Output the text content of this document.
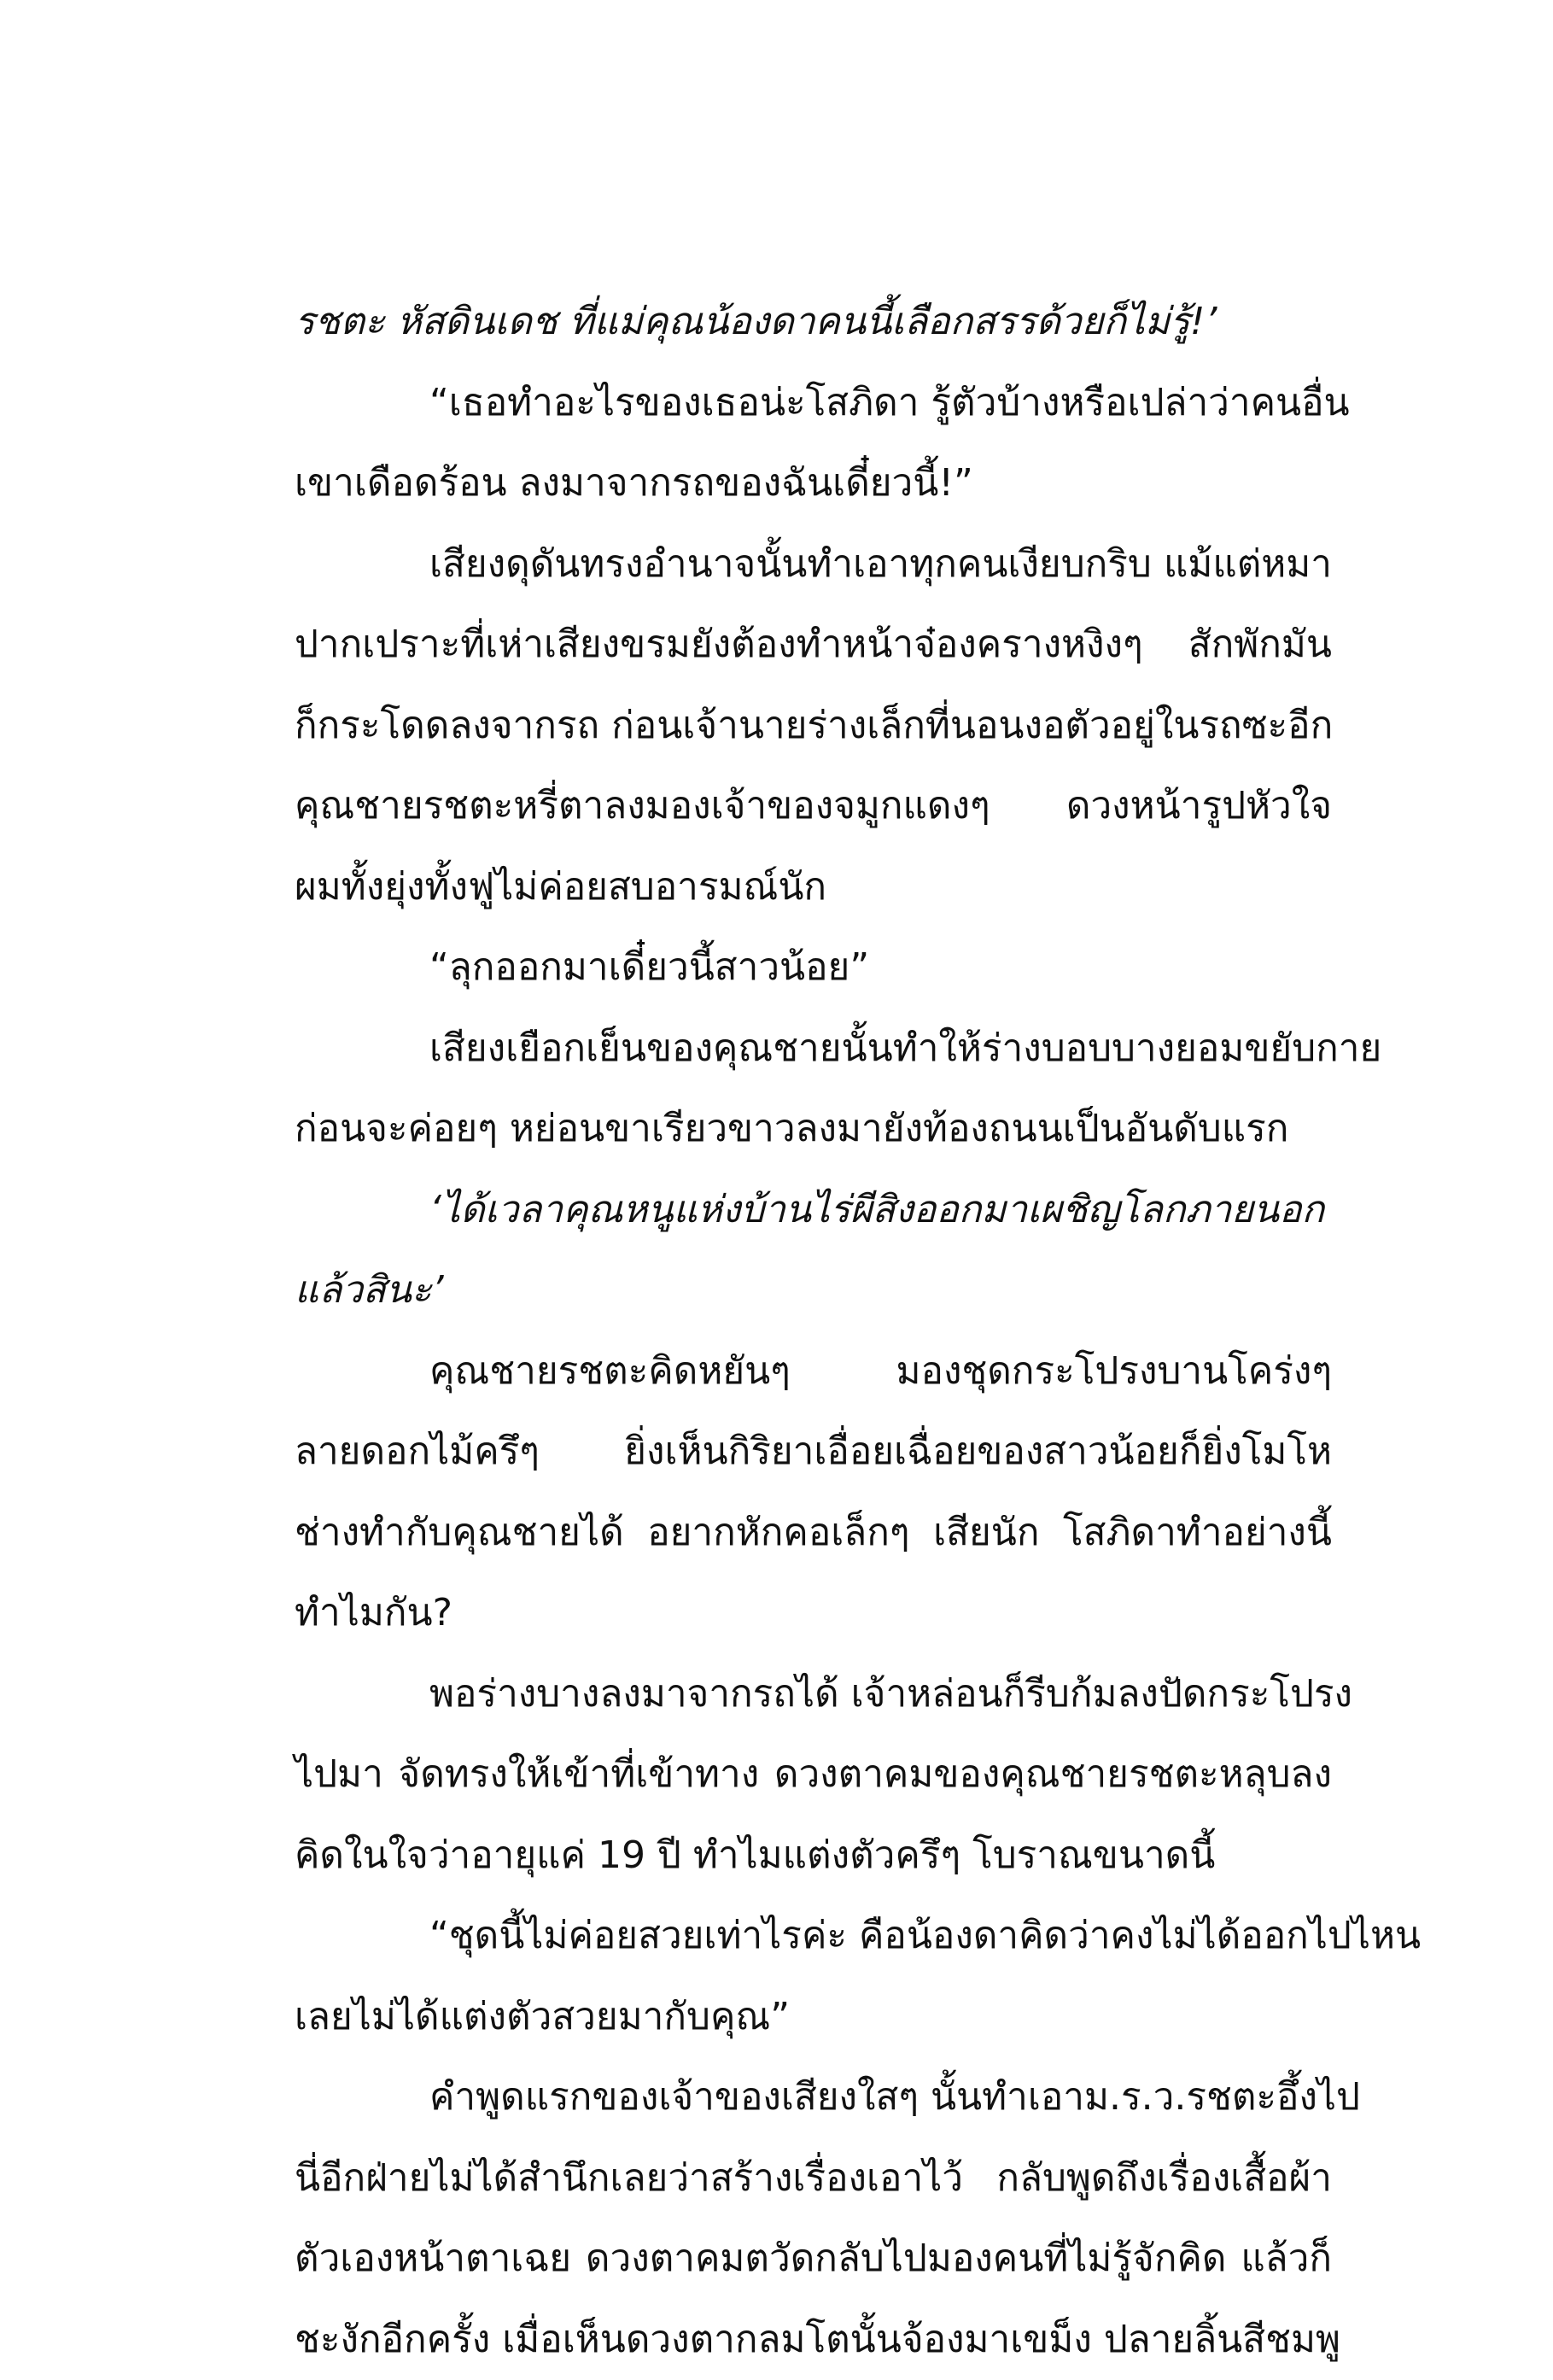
รชตะ หัสดินเดช ที่แม่คุณน้องดาคนนี้เลือกสรรด้วยก็ไม่รู้!’
“เธอทำอะไรของเธอน่ะโสภิดา รู้ตัวบ้างหรือเปล่าว่าคนอื่น
เขาเดือดร้อน ลงมาจากรถของฉันเดี๋ยวนี้!”
เสียงดุดันทรงอำนาจนั้นทำเอาทุกคนเงียบกริบ แม้แต่หมา
ปากเปราะที่เห่าเสียงขรมยังต้องทำหน้าจ๋องครางหงิงๆ สักพักมัน
ก็กระโดดลงจากรถ ก่อนเจ้านายร่างเล็กที่นอนงอตัวอยู่ในรถซะอีก
คุณชายรชตะหรี่ตาลงมองเจ้าของจมูกแดงๆ ดวงหน้ารูปหัวใจ
ผมทั้งยุ่งทั้งฟูไม่ค่อยสบอารมณ์นัก
“ลุกออกมาเดี๋ยวนี้สาวน้อย”
เสียงเยือกเย็นของคุณชายนั้นทำให้ร่างบอบบางยอมขยับกาย
ก่อนจะค่อยๆ หย่อนขาเรียวขาวลงมายังท้องถนนเป็นอันดับแรก
‘ได้เวลาคุณหนูแห่งบ้านไร่ผีสิงออกมาเผชิญโลกภายนอก
แล้วสินะ’
คุณชายรชตะคิดหยันๆ มองชุดกระโปรงบานโคร่งๆ
ลายดอกไม้ครึๆ ยิ่งเห็นกิริยาเอื่อยเฉื่อยของสาวน้อยก็ยิ่งโมโห
ช่างทำกับคุณชายได้ อยากหักคอเล็กๆ เสียนัก โสภิดาทำอย่างนี้
ทำไมกัน?
พอร่างบางลงมาจากรถได้ เจ้าหล่อนก็รีบก้มลงปัดกระโปรง
ไปมา จัดทรงให้เข้าที่เข้าทาง ดวงตาคมของคุณชายรชตะหลุบลง
คิดในใจว่าอายุแค่ 19 ปี ทำไมแต่งตัวครึๆ โบราณขนาดนี้
“ชุดนี้ไม่ค่อยสวยเท่าไรค่ะ คือน้องดาคิดว่าคงไม่ได้ออกไปไหน
เลยไม่ได้แต่งตัวสวยมากับคุณ”
คำพูดแรกของเจ้าของเสียงใสๆ นั้นทำเอาม.ร.ว.รชตะอึ้งไป
นี่อีกฝ่ายไม่ได้สำนึกเลยว่าสร้างเรื่องเอาไว้ กลับพูดถึงเรื่องเสื้อผ้า
ตัวเองหน้าตาเฉย ดวงตาคมตวัดกลับไปมองคนที่ไม่รู้จักคิด แล้วก็
ชะงักอีกครั้ง เมื่อเห็นดวงตากลมโตนั้นจ้องมาเขม็ง ปลายลิ้นสีชมพู
